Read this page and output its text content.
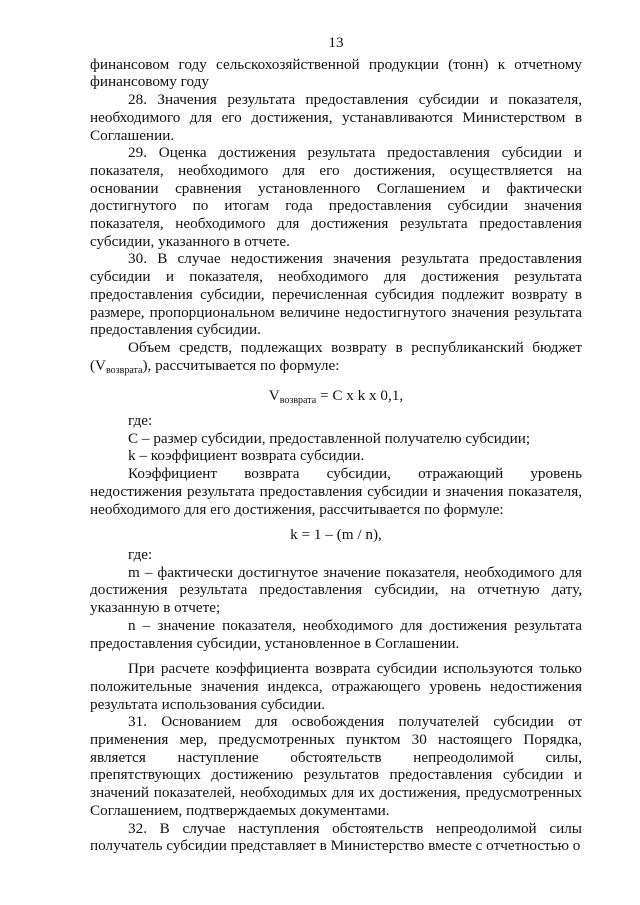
13

финансовом году сельскохозяйственной продукции (тонн) к отчетному финансовому году

28. Значения результата предоставления субсидии и показателя, необходимого для его достижения, устанавливаются Министерством в Соглашении.

29. Оценка достижения результата предоставления субсидии и показателя, необходимого для его достижения, осуществляется на основании сравнения установленного Соглашением и фактически достигнутого по итогам года предоставления субсидии значения показателя, необходимого для достижения результата предоставления субсидии, указанного в отчете.

30. В случае недостижения значения результата предоставления субсидии и показателя, необходимого для достижения результата предоставления субсидии, перечисленная субсидия подлежит возврату в размере, пропорциональном величине недостигнутого значения результата предоставления субсидии.

Объем средств, подлежащих возврату в республиканский бюджет (Vвозврата), рассчитывается по формуле:

$V_{возврата} = C$ x k x 0,1,

где:

C – размер субсидии, предоставленной получателю субсидии;

k – коэффициент возврата субсидии.

Коэффициент возврата субсидии, отражающий уровень недостижения результата предоставления субсидии и значения показателя, необходимого для его достижения, рассчитывается по формуле:

k = 1 – (m / n),

где:

m – фактически достигнутое значение показателя, необходимого для достижения результата предоставления субсидии, на отчетную дату, указанную в отчете;

n – значение показателя, необходимого для достижения результата предоставления субсидии, установленное в Соглашении.

При расчете коэффициента возврата субсидии используются только положительные значения индекса, отражающего уровень недостижения результата использования субсидии.

31. Основанием для освобождения получателей субсидии от применения мер, предусмотренных пунктом 30 настоящего Порядка, является наступление обстоятельств непреодолимой силы, препятствующих достижению результатов предоставления субсидии и значений показателей, необходимых для их достижения, предусмотренных Соглашением, подтверждаемых документами.

32. В случае наступления обстоятельств непреодолимой силы получатель субсидии представляет в Министерство вместе с отчетностью о
